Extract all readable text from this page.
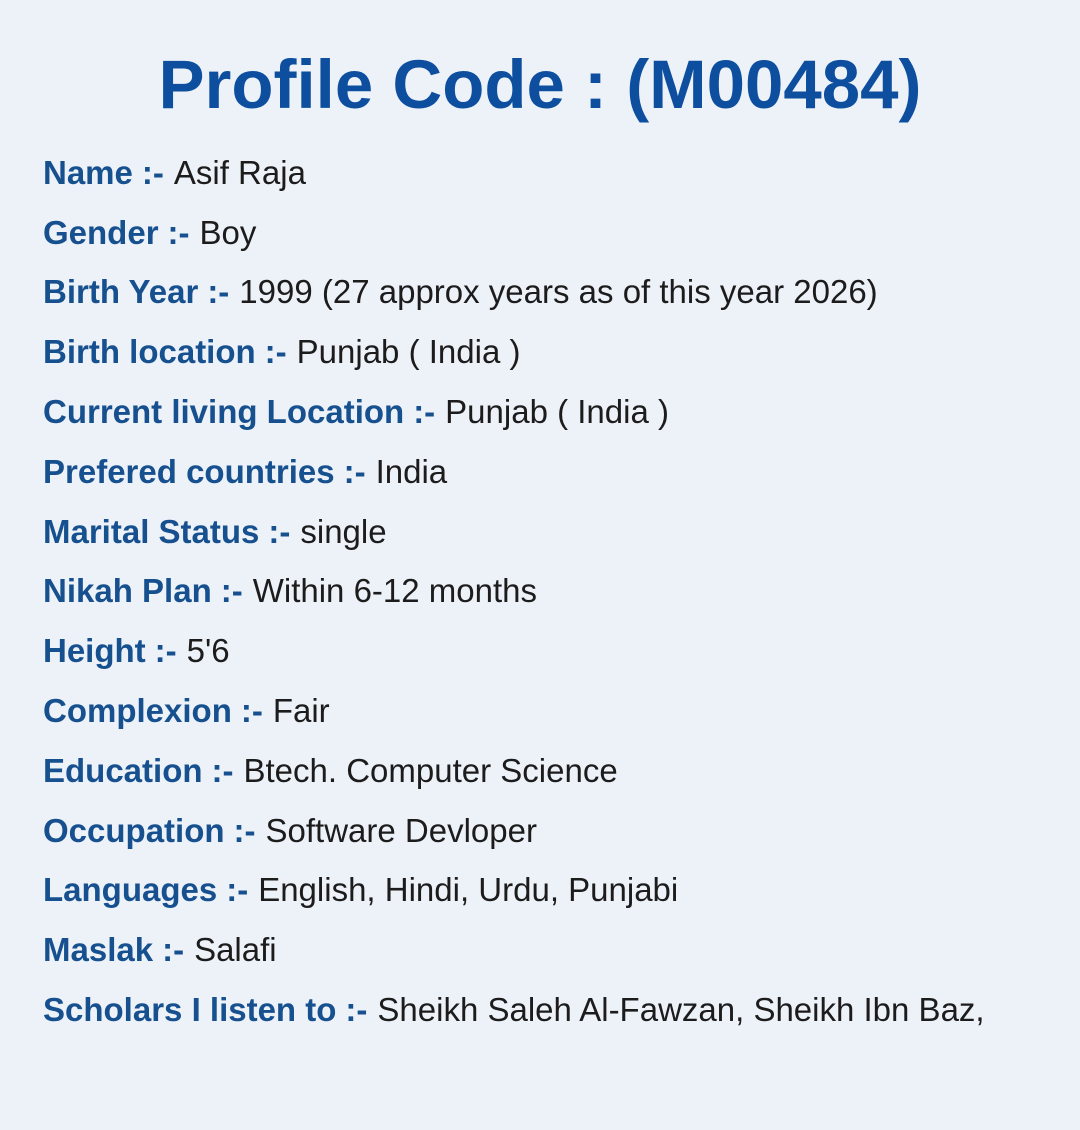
Profile Code : (M00484)
Name :- Asif Raja
Gender :- Boy
Birth Year :- 1999 (27 approx years as of this year 2026)
Birth location :- Punjab ( India )
Current living Location :- Punjab ( India )
Prefered countries :- India
Marital Status :- single
Nikah Plan :- Within 6-12 months
Height :- 5'6
Complexion :- Fair
Education :- Btech. Computer Science
Occupation :- Software Devloper
Languages :- English, Hindi, Urdu, Punjabi
Maslak :- Salafi
Scholars I listen to :- Sheikh Saleh Al-Fawzan, Sheikh Ibn Baz,
